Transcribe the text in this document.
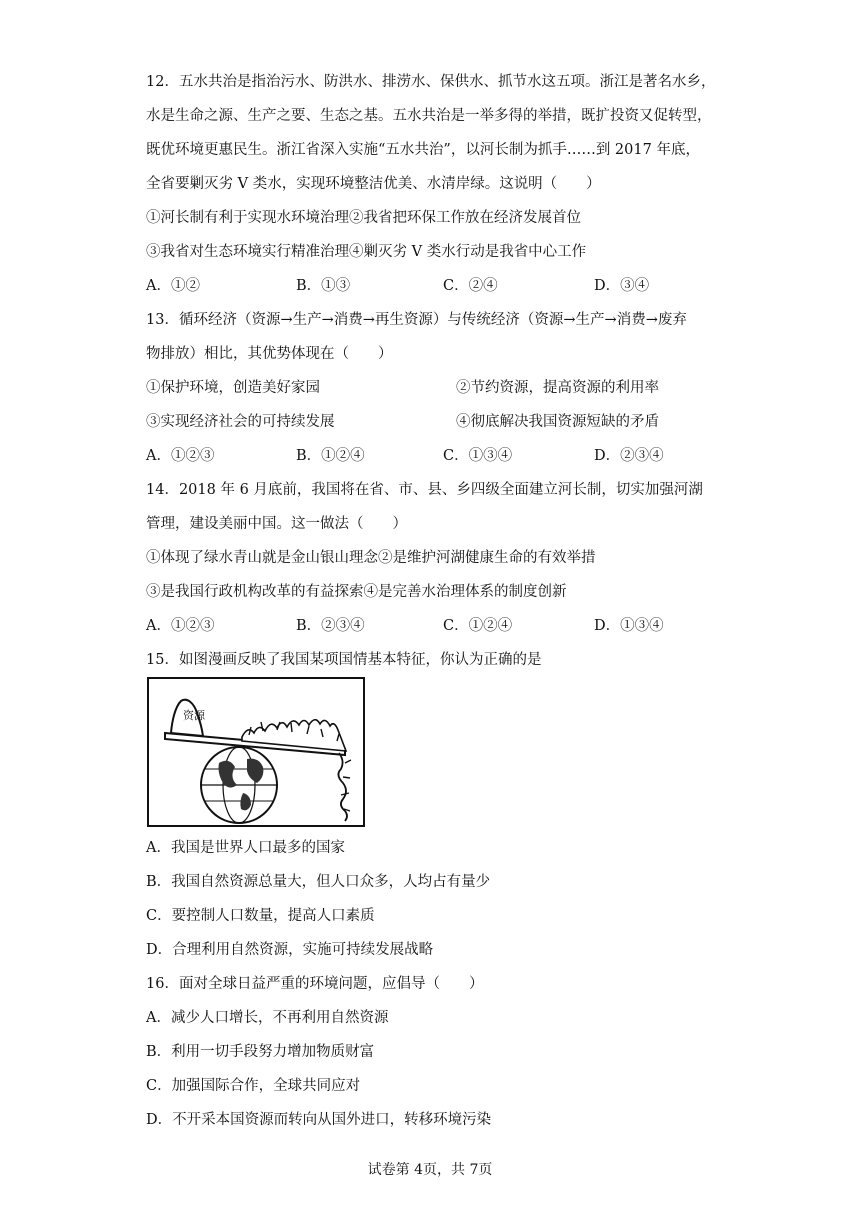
12．五水共治是指治污水、防洪水、排涝水、保供水、抓节水这五项。浙江是著名水乡，
水是生命之源、生产之要、生态之基。五水共治是一举多得的举措，既扩投资又促转型，
既优环境更惠民生。浙江省深入实施“五水共治”，以河长制为抓手……到 2017 年底，
全省要剿灭劣 V 类水，实现环境整洁优美、水清岸绿。这说明（　　）
①河长制有利于实现水环境治理②我省把环保工作放在经济发展首位
③我省对生态环境实行精准治理④剿灭劣 V 类水行动是我省中心工作
A．①②	B．①③	C．②④	D．③④
13．循环经济（资源→生产→消费→再生资源）与传统经济（资源→生产→消费→废弃
物排放）相比，其优势体现在（　　）
①保护环境，创造美好家园	②节约资源，提高资源的利用率
③实现经济社会的可持续发展	④彻底解决我国资源短缺的矛盾
A．①②③	B．①②④	C．①③④	D．②③④
14．2018 年 6 月底前，我国将在省、市、县、乡四级全面建立河长制，切实加强河湖
管理，建设美丽中国。这一做法（　　）
①体现了绿水青山就是金山银山理念②是维护河湖健康生命的有效举措
③是我国行政机构改革的有益探索④是完善水治理体系的制度创新
A．①②③	B．②③④	C．①②④	D．①③④
15．如图漫画反映了我国某项国情基本特征，你认为正确的是
资源
A．我国是世界人口最多的国家
B．我国自然资源总量大，但人口众多，人均占有量少
C．要控制人口数量，提高人口素质
D．合理利用自然资源，实施可持续发展战略
16．面对全球日益严重的环境问题，应倡导（　　）
A．减少人口增长，不再利用自然资源
B．利用一切手段努力增加物质财富
C．加强国际合作，全球共同应对
D．不开采本国资源而转向从国外进口，转移环境污染
试卷第 4页，共 7页
